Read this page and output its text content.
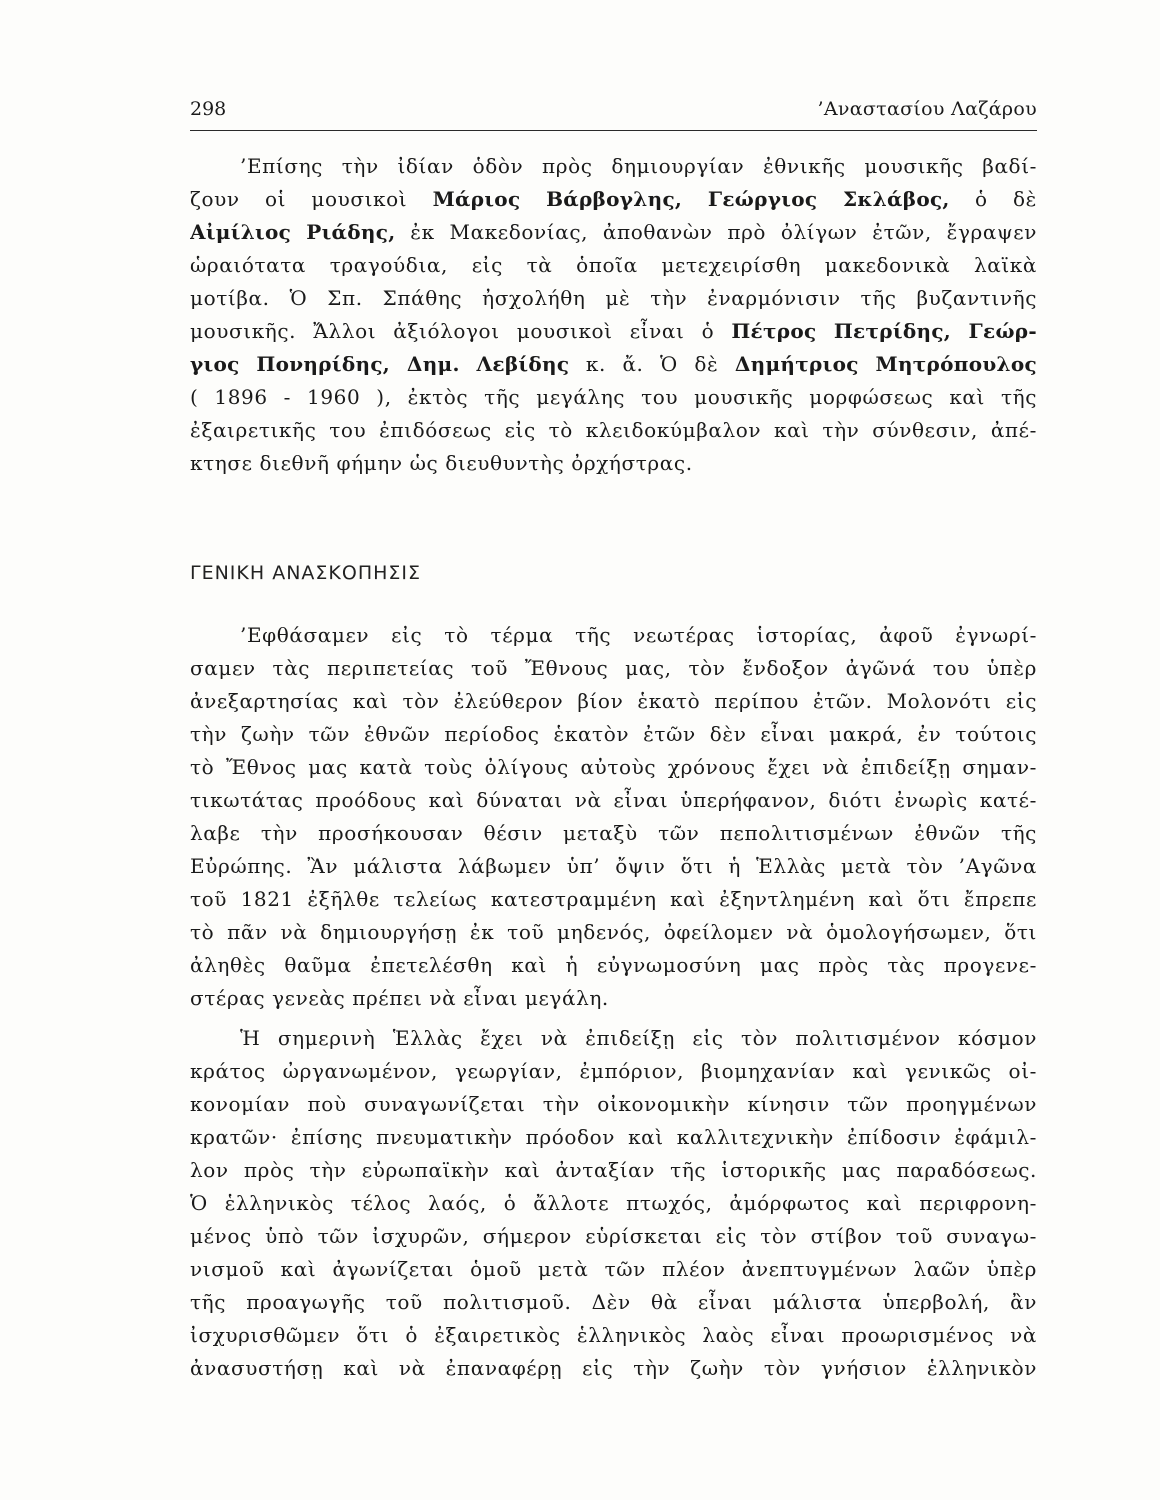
298	’Αναστασίου Λαζάρου
’Επίσης τὴν ἰδίαν ὁδὸν πρὸς δημιουργίαν ἐθνικῆς μουσικῆς βαδί-
ζουν οἱ μουσικοὶ Μάριος Βάρβογλης, Γεώργιος Σκλάβος, ὁ δὲ
Αἰμίλιος Ριάδης, ἐκ Μακεδονίας, ἀποθανὼν πρὸ ὀλίγων ἐτῶν, ἔγραψεν
ὡραιότατα τραγούδια, εἰς τὰ ὁποῖα μετεχειρίσθη μακεδονικὰ λαϊκὰ
μοτίβα. Ὁ Σπ. Σπάθης ἠσχολήθη μὲ τὴν ἐναρμόνισιν τῆς βυζαντινῆς
μουσικῆς. Ἄλλοι ἀξιόλογοι μουσικοὶ εἶναι ὁ Πέτρος Πετρίδης, Γεώρ-
γιος Πονηρίδης, Δημ. Λεβίδης κ. ἄ. Ὁ δὲ Δημήτριος Μητρόπουλος
( 1896 - 1960 ), ἐκτὸς τῆς μεγάλης του μουσικῆς μορφώσεως καὶ τῆς
ἐξαιρετικῆς του ἐπιδόσεως εἰς τὸ κλειδοκύμβαλον καὶ τὴν σύνθεσιν, ἀπέ-
κτησε διεθνῆ φήμην ὡς διευθυντὴς ὀρχήστρας.
ΓΕΝΙΚΗ ΑΝΑΣΚΟΠΗΣΙΣ
’Εφθάσαμεν εἰς τὸ τέρμα τῆς νεωτέρας ἱστορίας, ἀφοῦ ἐγνωρί-
σαμεν τὰς περιπετείας τοῦ Ἔθνους μας, τὸν ἔνδοξον ἀγῶνά του ὑπὲρ
ἀνεξαρτησίας καὶ τὸν ἐλεύθερον βίον ἑκατὸ περίπου ἐτῶν. Μολονότι εἰς
τὴν ζωὴν τῶν ἐθνῶν περίοδος ἑκατὸν ἐτῶν δὲν εἶναι μακρά, ἐν τούτοις
τὸ Ἔθνος μας κατὰ τοὺς ὀλίγους αὐτοὺς χρόνους ἔχει νὰ ἐπιδείξῃ σημαν-
τικωτάτας προόδους καὶ δύναται νὰ εἶναι ὑπερήφανον, διότι ἐνωρὶς κατέ-
λαβε τὴν προσήκουσαν θέσιν μεταξὺ τῶν πεπολιτισμένων ἐθνῶν τῆς
Εὐρώπης. Ἂν μάλιστα λάβωμεν ὑπ’ ὄψιν ὅτι ἡ Ἑλλὰς μετὰ τὸν ’Αγῶνα
τοῦ 1821 ἐξῆλθε τελείως κατεστραμμένη καὶ ἐξηντλημένη καὶ ὅτι ἔπρεπε
τὸ πᾶν νὰ δημιουργήσῃ ἐκ τοῦ μηδενός, ὀφείλομεν νὰ ὁμολογήσωμεν, ὅτι
ἀληθὲς θαῦμα ἐπετελέσθη καὶ ἡ εὐγνωμοσύνη μας πρὸς τὰς προγενε-
στέρας γενεὰς πρέπει νὰ εἶναι μεγάλη.
Ἡ σημερινὴ Ἑλλὰς ἔχει νὰ ἐπιδείξῃ εἰς τὸν πολιτισμένον κόσμον
κράτος ὠργανωμένον, γεωργίαν, ἐμπόριον, βιομηχανίαν καὶ γενικῶς οἰ-
κονομίαν ποὺ συναγωνίζεται τὴν οἰκονομικὴν κίνησιν τῶν προηγμένων
κρατῶν· ἐπίσης πνευματικὴν πρόοδον καὶ καλλιτεχνικὴν ἐπίδοσιν ἐφάμιλ-
λον πρὸς τὴν εὐρωπαϊκὴν καὶ ἀνταξίαν τῆς ἱστορικῆς μας παραδόσεως.
Ὁ ἑλληνικὸς τέλος λαός, ὁ ἄλλοτε πτωχός, ἀμόρφωτος καὶ περιφρονη-
μένος ὑπὸ τῶν ἰσχυρῶν, σήμερον εὑρίσκεται εἰς τὸν στίβον τοῦ συναγω-
νισμοῦ καὶ ἀγωνίζεται ὁμοῦ μετὰ τῶν πλέον ἀνεπτυγμένων λαῶν ὑπὲρ
τῆς προαγωγῆς τοῦ πολιτισμοῦ. Δὲν θὰ εἶναι μάλιστα ὑπερβολή, ἂν
ἰσχυρισθῶμεν ὅτι ὁ ἐξαιρετικὸς ἑλληνικὸς λαὸς εἶναι προωρισμένος νὰ
ἀνασυστήσῃ καὶ νὰ ἐπαναφέρῃ εἰς τὴν ζωὴν τὸν γνήσιον ἑλληνικὸν
